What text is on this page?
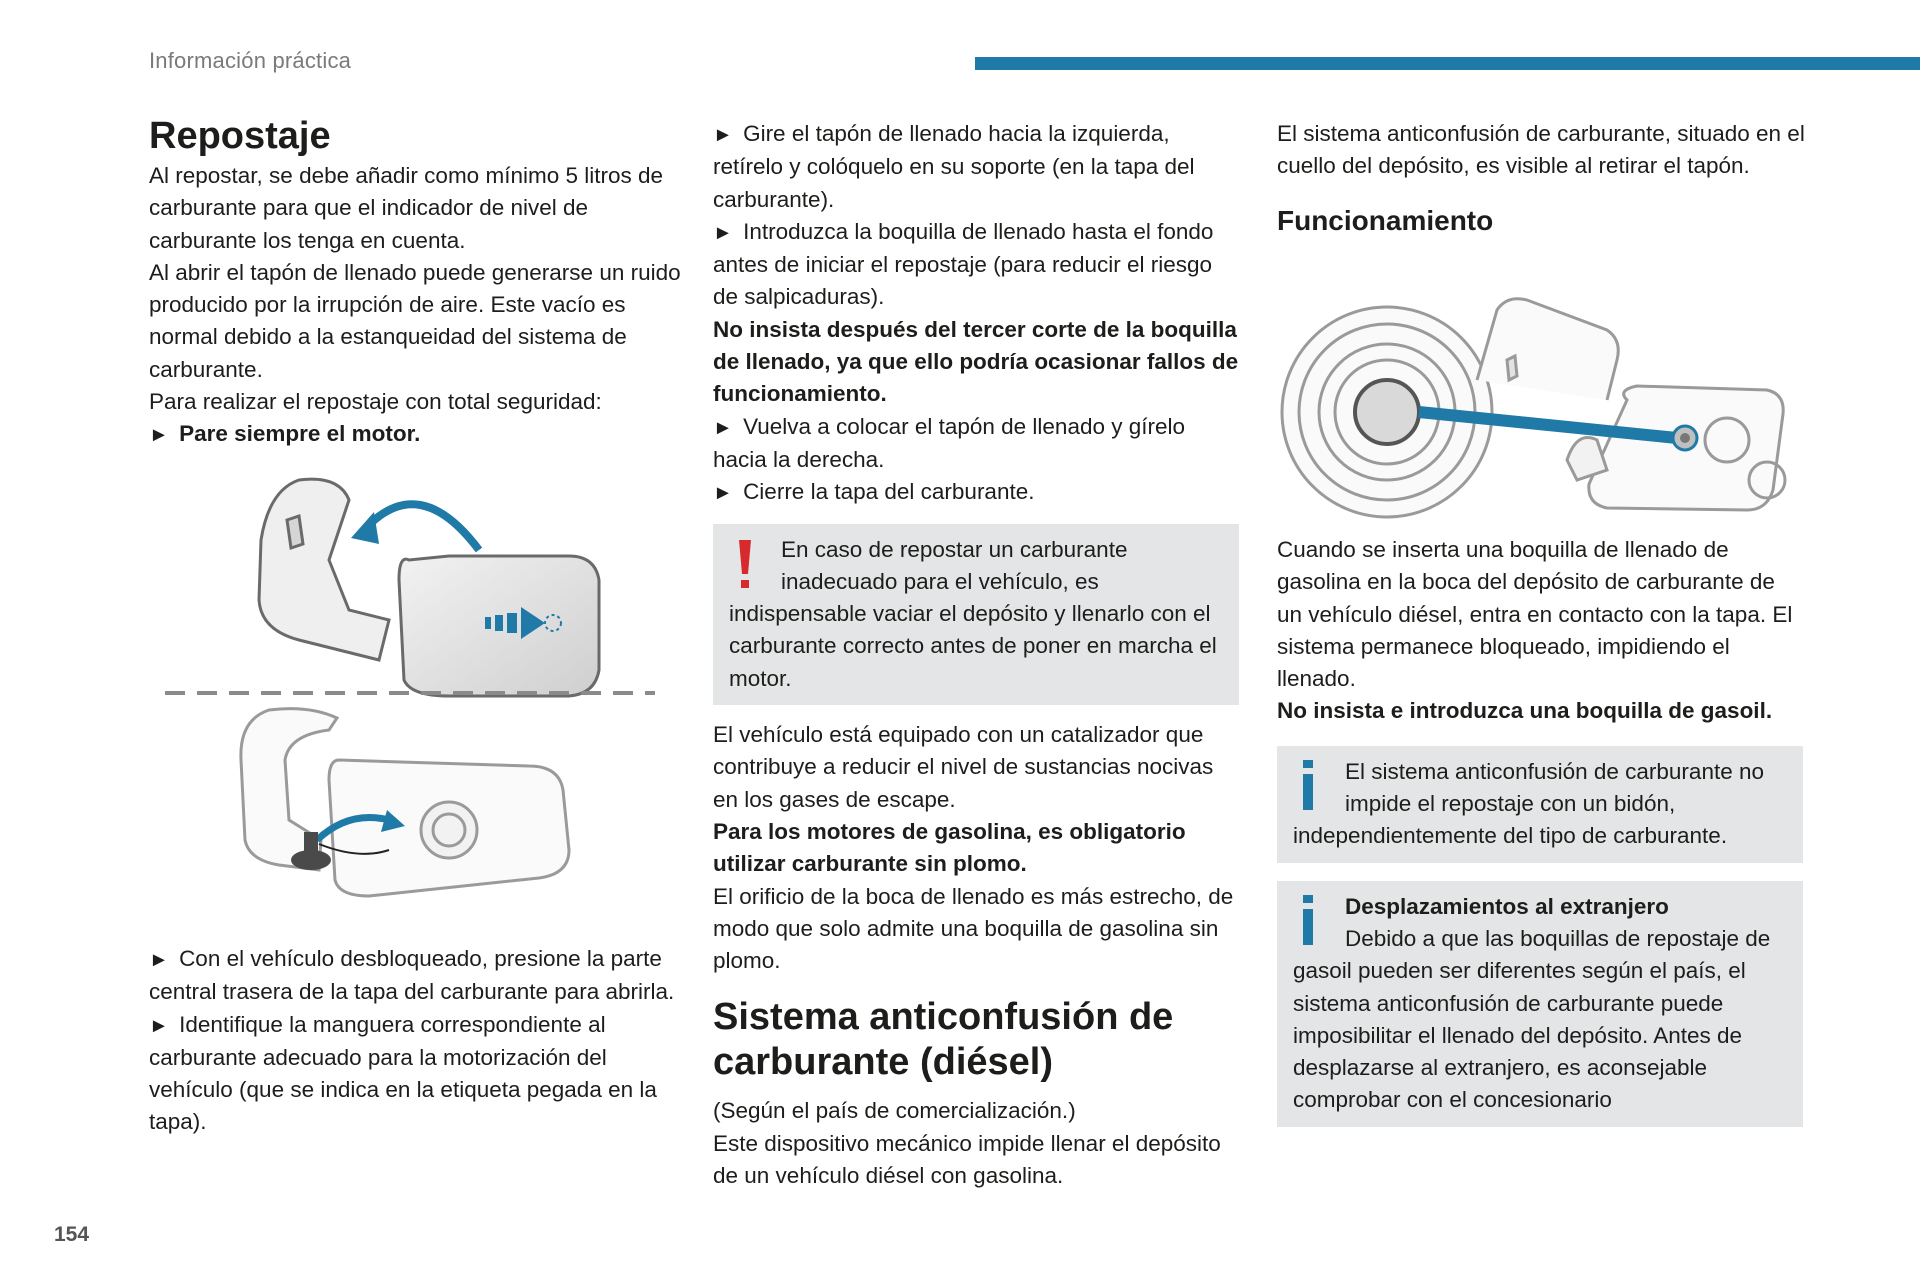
Información práctica
Repostaje

Al repostar, se debe añadir como mínimo 5 litros de carburante para que el indicador de nivel de carburante los tenga en cuenta.

Al abrir el tapón de llenado puede generarse un ruido producido por la irrupción de aire. Este vacío es normal debido a la estanqueidad del sistema de carburante.

Para realizar el repostaje con total seguridad:

► Pare siempre el motor.

► Con el vehículo desbloqueado, presione la parte central trasera de la tapa del carburante para abrirla.

► Identifique la manguera correspondiente al carburante adecuado para la motorización del vehículo (que se indica en la etiqueta pegada en la tapa).

► Gire el tapón de llenado hacia la izquierda, retírelo y colóquelo en su soporte (en la tapa del carburante).

► Introduzca la boquilla de llenado hasta el fondo antes de iniciar el repostaje (para reducir el riesgo de salpicaduras).

No insista después del tercer corte de la boquilla de llenado, ya que ello podría ocasionar fallos de funcionamiento.

► Vuelva a colocar el tapón de llenado y gírelo hacia la derecha.

► Cierre la tapa del carburante.

En caso de repostar un carburante inadecuado para el vehículo, es indispensable vaciar el depósito y llenarlo con el carburante correcto antes de poner en marcha el motor.

El vehículo está equipado con un catalizador que contribuye a reducir el nivel de sustancias nocivas en los gases de escape.

Para los motores de gasolina, es obligatorio utilizar carburante sin plomo.

El orificio de la boca de llenado es más estrecho, de modo que solo admite una boquilla de gasolina sin plomo.

Sistema anticonfusión de carburante (diésel)

(Según el país de comercialización.)

Este dispositivo mecánico impide llenar el depósito de un vehículo diésel con gasolina.

El sistema anticonfusión de carburante, situado en el cuello del depósito, es visible al retirar el tapón.

Funcionamiento

Cuando se inserta una boquilla de llenado de gasolina en la boca del depósito de carburante de un vehículo diésel, entra en contacto con la tapa. El sistema permanece bloqueado, impidiendo el llenado.

No insista e introduzca una boquilla de gasoil.

El sistema anticonfusión de carburante no impide el repostaje con un bidón, independientemente del tipo de carburante.

Desplazamientos al extranjero

Debido a que las boquillas de repostaje de gasoil pueden ser diferentes según el país, el sistema anticonfusión de carburante puede imposibilitar el llenado del depósito. Antes de desplazarse al extranjero, es aconsejable comprobar con el concesionario

154
